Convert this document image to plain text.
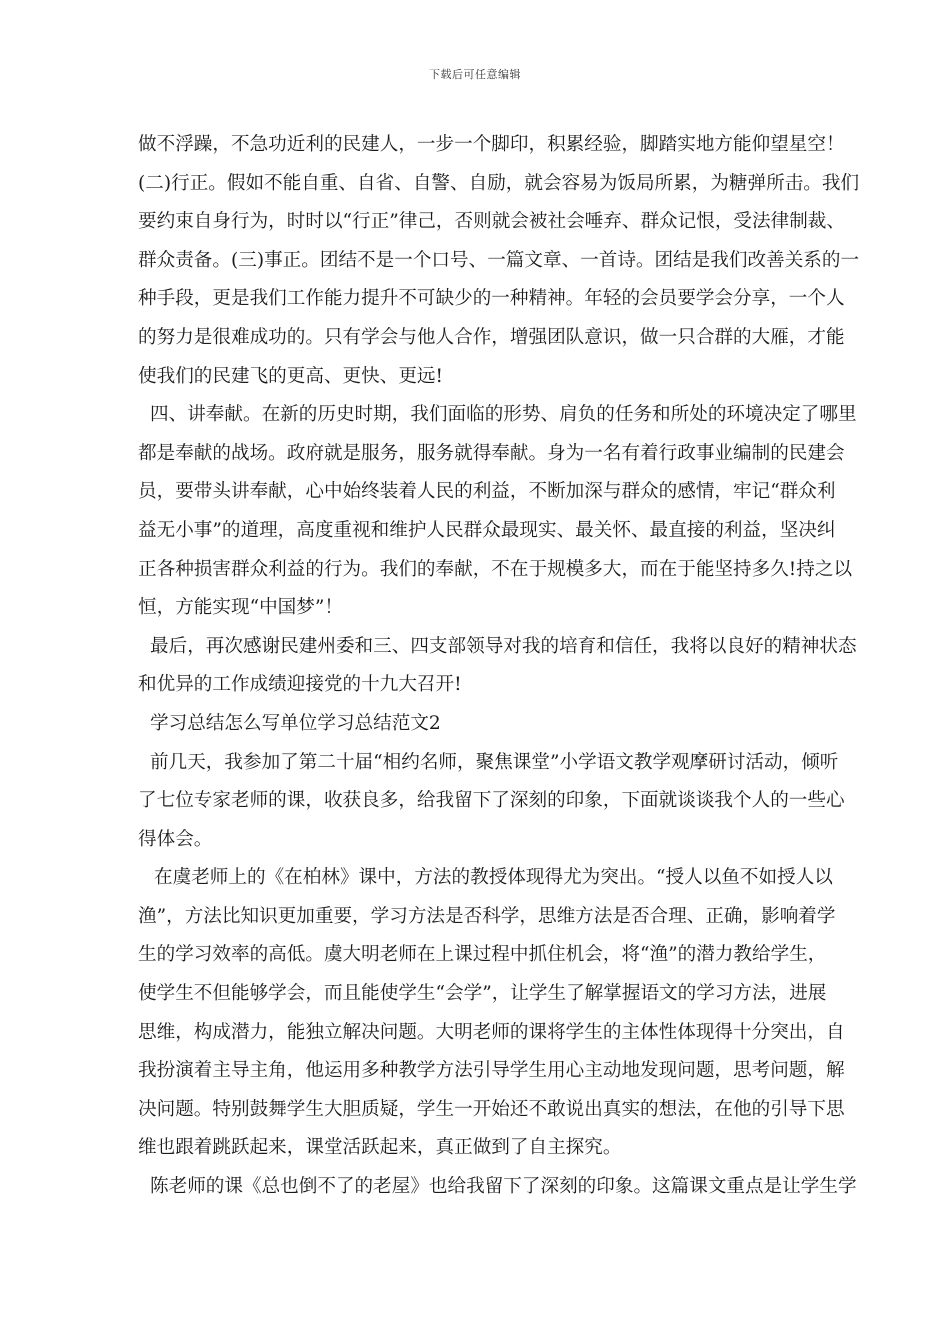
下载后可任意编辑
做不浮躁，不急功近利的民建人，一步一个脚印，积累经验，脚踏实地方能仰望星空！
(二)行正。假如不能自重、自省、自警、自励，就会容易为饭局所累，为糖弹所击。我们
要约束自身行为，时时以“行正”律己，否则就会被社会唾弃、群众记恨，受法律制裁、
群众责备。(三)事正。团结不是一个口号、一篇文章、一首诗。团结是我们改善关系的一
种手段，更是我们工作能力提升不可缺少的一种精神。年轻的会员要学会分享，一个人
的努力是很难成功的。只有学会与他人合作，增强团队意识，做一只合群的大雁，才能
使我们的民建飞的更高、更快、更远!
四、讲奉献。在新的历史时期，我们面临的形势、肩负的任务和所处的环境决定了哪里
都是奉献的战场。政府就是服务，服务就得奉献。身为一名有着行政事业编制的民建会
员，要带头讲奉献，心中始终装着人民的利益，不断加深与群众的感情，牢记“群众利
益无小事”的道理，高度重视和维护人民群众最现实、最关怀、最直接的利益，坚决纠
正各种损害群众利益的行为。我们的奉献，不在于规模多大，而在于能坚持多久!持之以
恒，方能实现“中国梦”！
最后，再次感谢民建州委和三、四支部领导对我的培育和信任，我将以良好的精神状态
和优异的工作成绩迎接党的十九大召开!
学习总结怎么写单位学习总结范文2
前几天，我参加了第二十届“相约名师，聚焦课堂”小学语文教学观摩研讨活动，倾听
了七位专家老师的课，收获良多，给我留下了深刻的印象，下面就谈谈我个人的一些心
得体会。
在虞老师上的《在柏林》课中，方法的教授体现得尤为突出。“授人以鱼不如授人以
渔”，方法比知识更加重要，学习方法是否科学，思维方法是否合理、正确，影响着学
生的学习效率的高低。虞大明老师在上课过程中抓住机会，将“渔”的潜力教给学生，
使学生不但能够学会，而且能使学生“会学”，让学生了解掌握语文的学习方法，进展
思维，构成潜力，能独立解决问题。大明老师的课将学生的主体性体现得十分突出，自
我扮演着主导主角，他运用多种教学方法引导学生用心主动地发现问题，思考问题，解
决问题。特别鼓舞学生大胆质疑，学生一开始还不敢说出真实的想法，在他的引导下思
维也跟着跳跃起来，课堂活跃起来，真正做到了自主探究。
陈老师的课《总也倒不了的老屋》也给我留下了深刻的印象。这篇课文重点是让学生学
